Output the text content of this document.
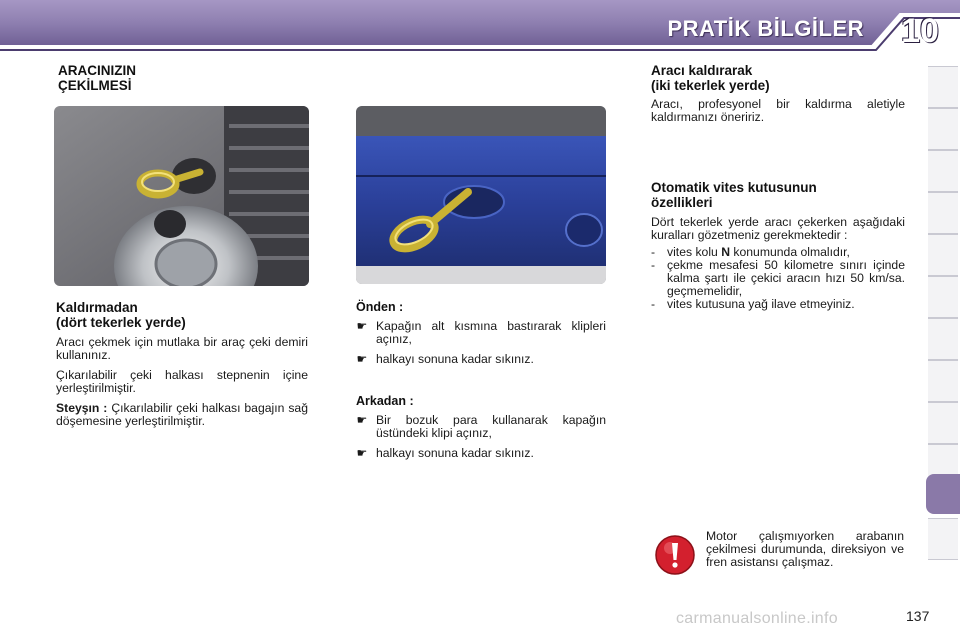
PRATİK BİLGİLER 10
ARACINIZIN
ÇEKİLMESİ
Kaldırmadan
(dört tekerlek yerde)

Aracı çekmek için mutlaka bir araç çeki demiri kullanınız.

Çıkarılabilir çeki halkası stepnenin içine yerleştirilmiştir.

Steyşın : Çıkarılabilir çeki halkası bagajın sağ döşemesine yerleştirilmiştir.

Önden :
☛ Kapağın alt kısmına bastırarak klipleri açınız,

☛ halkayı sonuna kadar sıkınız.

Arkadan :
☛ Bir bozuk para kullanarak kapağın üstündeki klipi açınız,

☛ halkayı sonuna kadar sıkınız.

Aracı kaldırarak
(iki tekerlek yerde)

Aracı, profesyonel bir kaldırma aletiyle kaldırmanızı öneririz.

Otomatik vites kutusunun
özellikleri

Dört tekerlek yerde aracı çekerken aşağıdaki kuralları gözetmeniz gerekmektedir :

- vites kolu N konumunda olmalıdır,

- çekme mesafesi 50 kilometre sınırı içinde kalma şartı ile çekici aracın hızı 50 km/sa. geçmemelidir,

- vites kutusuna yağ ilave etmeyiniz.

Motor çalışmıyorken arabanın çekilmesi durumunda, direksiyon ve fren asistansı çalışmaz.

carmanualsonline.info	137
